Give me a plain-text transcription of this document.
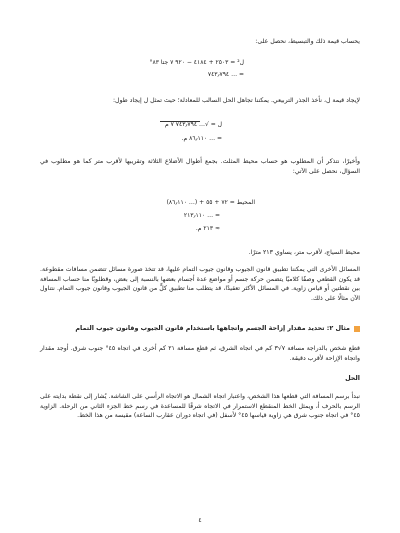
يحساب قيمة ذلك والتبسيط، نحصل على:
ل² = ٢٥٠٣ + ٤١٨٤ − ٩٢٠ ٧ جتا ٨٣°
= … ٧٤٣٫٧٩٤
لإيجاد قيمة ل، نأخذ الجذر التربيعي. يمكننا تجاهل الحل السالب للمعادلة؛ حيث تمثل ل إيجاد طول:
ل = √… ٧٤٣٫٧٩٤ ٧ م
= … ٨٦٫١١٠ م.
وأخيرًا، نتذكر أن المطلوب هو حساب محيط المثلث. بجمع أطوال الأضلاع الثلاثة وتقريبها لأقرب متر كما هو مطلوب في السؤال، نحصل على الآتي:
المحيط = ٧٢ + ٥٥ + (… ٨٦٫١١٠)
= … ٢١٣٫١١٠
≈ ٢١٣ م.
محيط السياج، لأقرب متر، يساوي ٢١٣ مترًا.
المسائل الأخرى التي يمكننا تطبيق قانون الجيوب وقانون جيوب التمام عليها، قد تتخذ صورة مسائل تتضمن مسافات مقطوعة. قد يكون القطعي وصفًا كلاميًا يتضمن حركة جسم أو مواضع عدة أجسام بعضها بالنسبة إلى بعض، وقطلوبًا منا حساب المسافة بين نقطتين أو قياس زاوية. في المسائل الأكثر تعقيدًا، قد يتطلب منا تطبيق كلٍّ من قانون الجيوب وقانون جيوب التمام. نتناول الآن مثالًا على ذلك.
مثال ٢: تحديد مقدار إزاحة الجسم واتجاهها باستخدام قانون الجيوب وقانون جيوب التمام
قطع شخص بالدراجة مسافة ٧√٣ كم في اتجاه الشرق، ثم قطع مسافة ٢١ كم أخرى في اتجاه ٤٥° جنوب شرق. أوجد مقدار واتجاه الإزاحة لأقرب دقيقة.
الحل
نبدأ برسم المسافة التي قطعها هذا الشخص، واعتبار اتجاه الشمال هو الاتجاه الرأسي على الشاشة. يُشار إلى نقطة بدايته على الرسم بالحرف أ، ويمثل الخط المنقطع الاستمرار في الاتجاه شرقًا للمساعدة في رسم خط الجزء الثاني من الرحلة. الزاوية ٤٥° في اتجاه جنوب شرق هي زاوية قياسها ٤٥° لأسفل (في اتجاه دوران عقارب الساعة) مقيسة من هذا الخط.
٤
